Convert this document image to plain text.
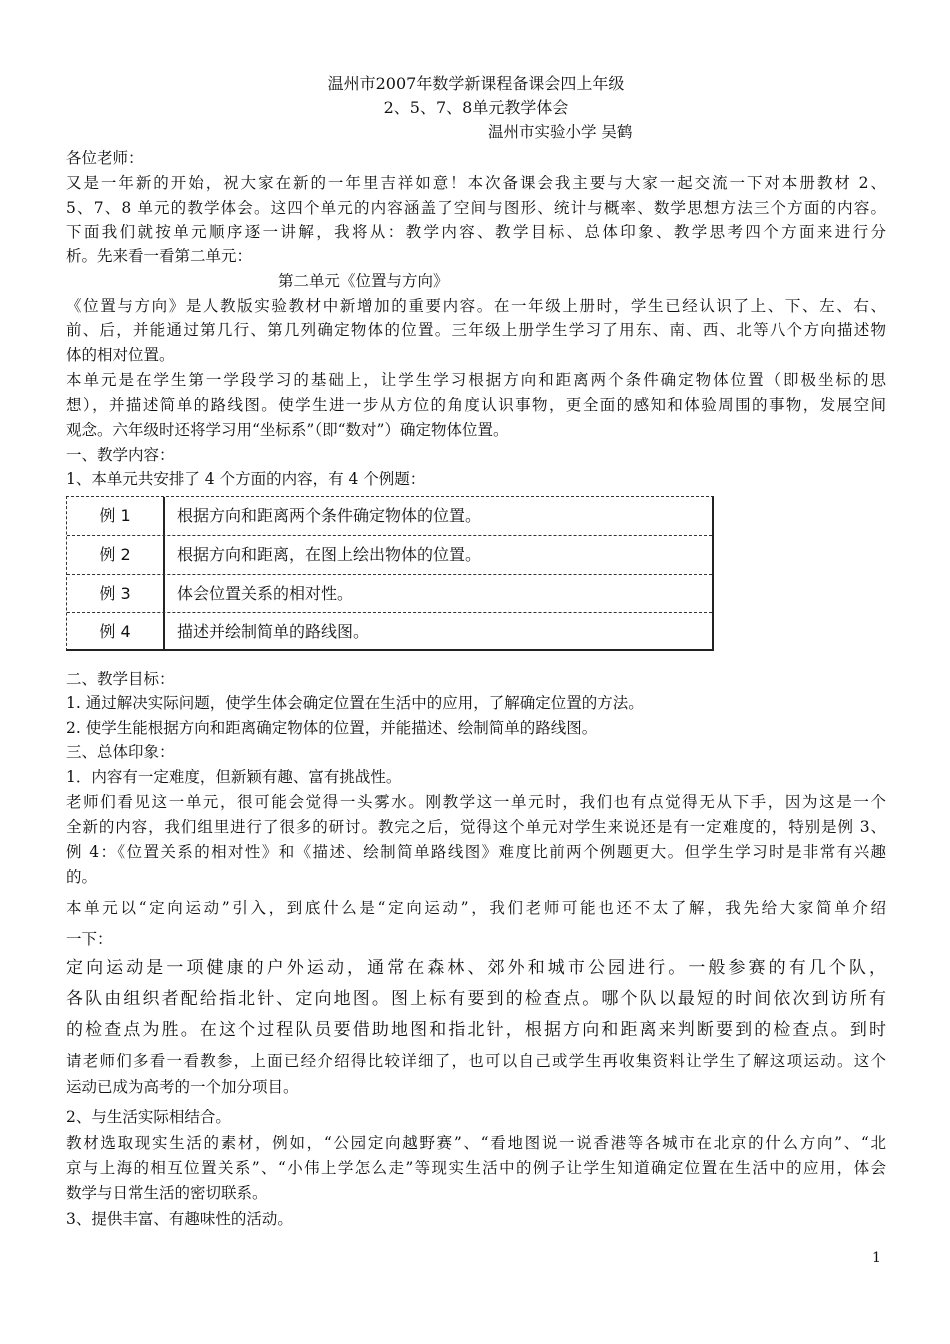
温州市2007年数学新课程备课会四上年级
2、5、7、8单元教学体会
温州市实验小学 吴鹤
各位老师：
又是一年新的开始，祝大家在新的一年里吉祥如意！本次备课会我主要与大家一起交流一下对本册教材 2、
5、7、8 单元的教学体会。这四个单元的内容涵盖了空间与图形、统计与概率、数学思想方法三个方面的内容。
下面我们就按单元顺序逐一讲解，我将从：教学内容、教学目标、总体印象、教学思考四个方面来进行分
析。先来看一看第二单元：
第二单元《位置与方向》
《位置与方向》是人教版实验教材中新增加的重要内容。在一年级上册时，学生已经认识了上、下、左、右、
前、后，并能通过第几行、第几列确定物体的位置。三年级上册学生学习了用东、南、西、北等八个方向描述物
体的相对位置。
本单元是在学生第一学段学习的基础上，让学生学习根据方向和距离两个条件确定物体位置（即极坐标的思
想），并描述简单的路线图。使学生进一步从方位的角度认识事物，更全面的感知和体验周围的事物，发展空间
观念。六年级时还将学习用“坐标系”（即“数对”）确定物体位置。
一、教学内容：
1、本单元共安排了 4 个方面的内容，有 4 个例题：
例 1	根据方向和距离两个条件确定物体的位置。
例 2	根据方向和距离，在图上绘出物体的位置。
例 3	体会位置关系的相对性。
例 4	描述并绘制简单的路线图。
二、教学目标：
1. 通过解决实际问题，使学生体会确定位置在生活中的应用，了解确定位置的方法。
2. 使学生能根据方向和距离确定物体的位置，并能描述、绘制简单的路线图。
三、总体印象：
1．内容有一定难度，但新颖有趣、富有挑战性。
老师们看见这一单元，很可能会觉得一头雾水。刚教学这一单元时，我们也有点觉得无从下手，因为这是一个
全新的内容，我们组里进行了很多的研讨。教完之后，觉得这个单元对学生来说还是有一定难度的，特别是例 3、
例 4：《位置关系的相对性》和《描述、绘制简单路线图》难度比前两个例题更大。但学生学习时是非常有兴趣
的。
本单元以“定向运动”引入，到底什么是“定向运动”，我们老师可能也还不太了解，我先给大家简单介绍
一下：
定向运动是一项健康的户外运动，通常在森林、郊外和城市公园进行。一般参赛的有几个队，
各队由组织者配给指北针、定向地图。图上标有要到的检查点。哪个队以最短的时间依次到访所有
的检查点为胜。在这个过程队员要借助地图和指北针，根据方向和距离来判断要到的检查点。到时
请老师们多看一看教参，上面已经介绍得比较详细了，也可以自己或学生再收集资料让学生了解这项运动。这个
运动已成为高考的一个加分项目。
2、与生活实际相结合。
教材选取现实生活的素材，例如，“公园定向越野赛”、“看地图说一说香港等各城市在北京的什么方向”、“北
京与上海的相互位置关系”、“小伟上学怎么走”等现实生活中的例子让学生知道确定位置在生活中的应用，体会
数学与日常生活的密切联系。
3、提供丰富、有趣味性的活动。
1
